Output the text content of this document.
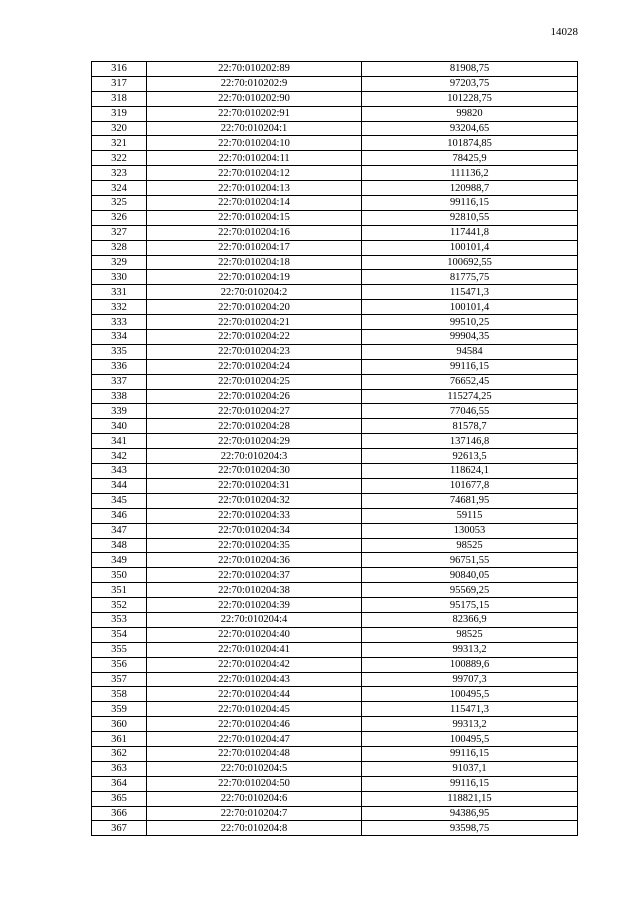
14028
316	22:70:010202:89	81908,75
317	22:70:010202:9	97203,75
318	22:70:010202:90	101228,75
319	22:70:010202:91	99820
320	22:70:010204:1	93204,65
321	22:70:010204:10	101874,85
322	22:70:010204:11	78425,9
323	22:70:010204:12	111136,2
324	22:70:010204:13	120988,7
325	22:70:010204:14	99116,15
326	22:70:010204:15	92810,55
327	22:70:010204:16	117441,8
328	22:70:010204:17	100101,4
329	22:70:010204:18	100692,55
330	22:70:010204:19	81775,75
331	22:70:010204:2	115471,3
332	22:70:010204:20	100101,4
333	22:70:010204:21	99510,25
334	22:70:010204:22	99904,35
335	22:70:010204:23	94584
336	22:70:010204:24	99116,15
337	22:70:010204:25	76652,45
338	22:70:010204:26	115274,25
339	22:70:010204:27	77046,55
340	22:70:010204:28	81578,7
341	22:70:010204:29	137146,8
342	22:70:010204:3	92613,5
343	22:70:010204:30	118624,1
344	22:70:010204:31	101677,8
345	22:70:010204:32	74681,95
346	22:70:010204:33	59115
347	22:70:010204:34	130053
348	22:70:010204:35	98525
349	22:70:010204:36	96751,55
350	22:70:010204:37	90840,05
351	22:70:010204:38	95569,25
352	22:70:010204:39	95175,15
353	22:70:010204:4	82366,9
354	22:70:010204:40	98525
355	22:70:010204:41	99313,2
356	22:70:010204:42	100889,6
357	22:70:010204:43	99707,3
358	22:70:010204:44	100495,5
359	22:70:010204:45	115471,3
360	22:70:010204:46	99313,2
361	22:70:010204:47	100495,5
362	22:70:010204:48	99116,15
363	22:70:010204:5	91037,1
364	22:70:010204:50	99116,15
365	22:70:010204:6	118821,15
366	22:70:010204:7	94386,95
367	22:70:010204:8	93598,75
